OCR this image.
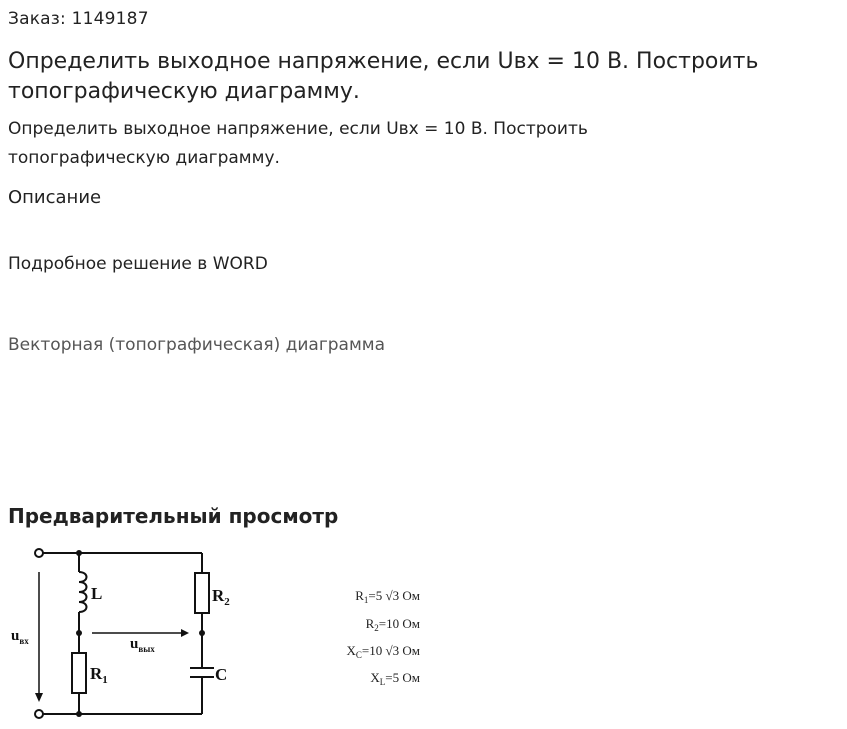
Заказ: 1149187
Определить выходное напряжение, если Uвх = 10 В. Построить топографическую диаграмму.
Определить выходное напряжение, если Uвх = 10 В. Построить топографическую диаграмму.
Описание
Подробное решение в WORD
Векторная (топографическая) диаграмма
Предварительный просмотр
L
$R_1$
$R_2$
C
$u_{вх}$	$u_{вых}$
$R_1=5$ √3 Ом
$R_2=10$ Ом
$X_C=10$ √3 Ом
$X_L=5$ Ом
